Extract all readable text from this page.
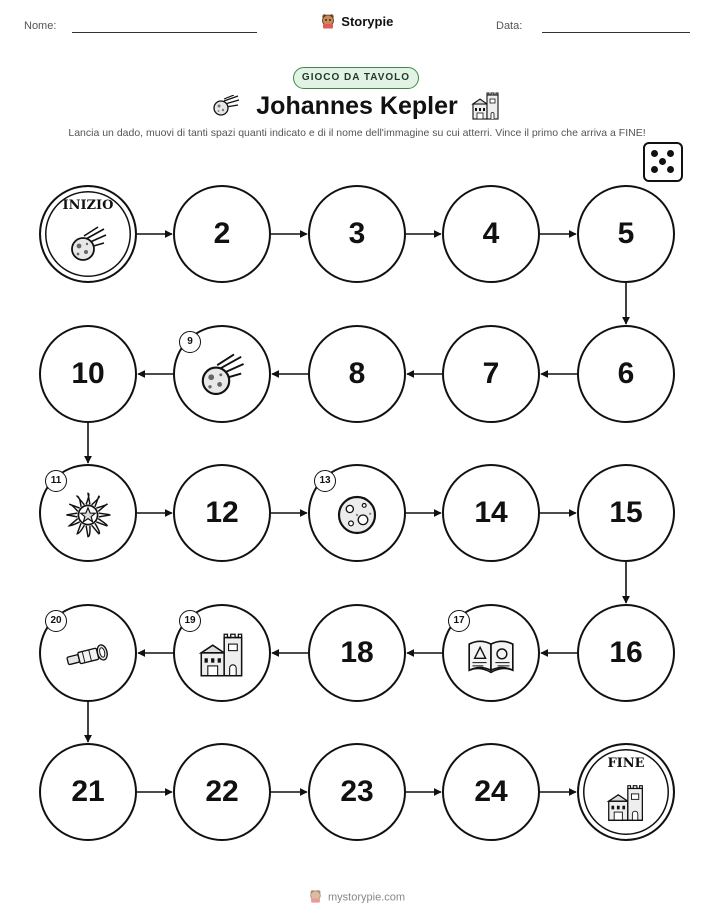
Nome:	Storypie	Data:
GIOCO DA TAVOLO
Johannes Kepler
Lancia un dado, muovi di tanti spazi quanti indicato e di il nome dell'immagine su cui atterri. Vince il primo che arriva a FINE!
INIZIO
2	3	4	5
6
7
8
9
10
11
12
13
14	15
16
17
18
19
20
21	22	23	24
FINE
mystorypie.com
